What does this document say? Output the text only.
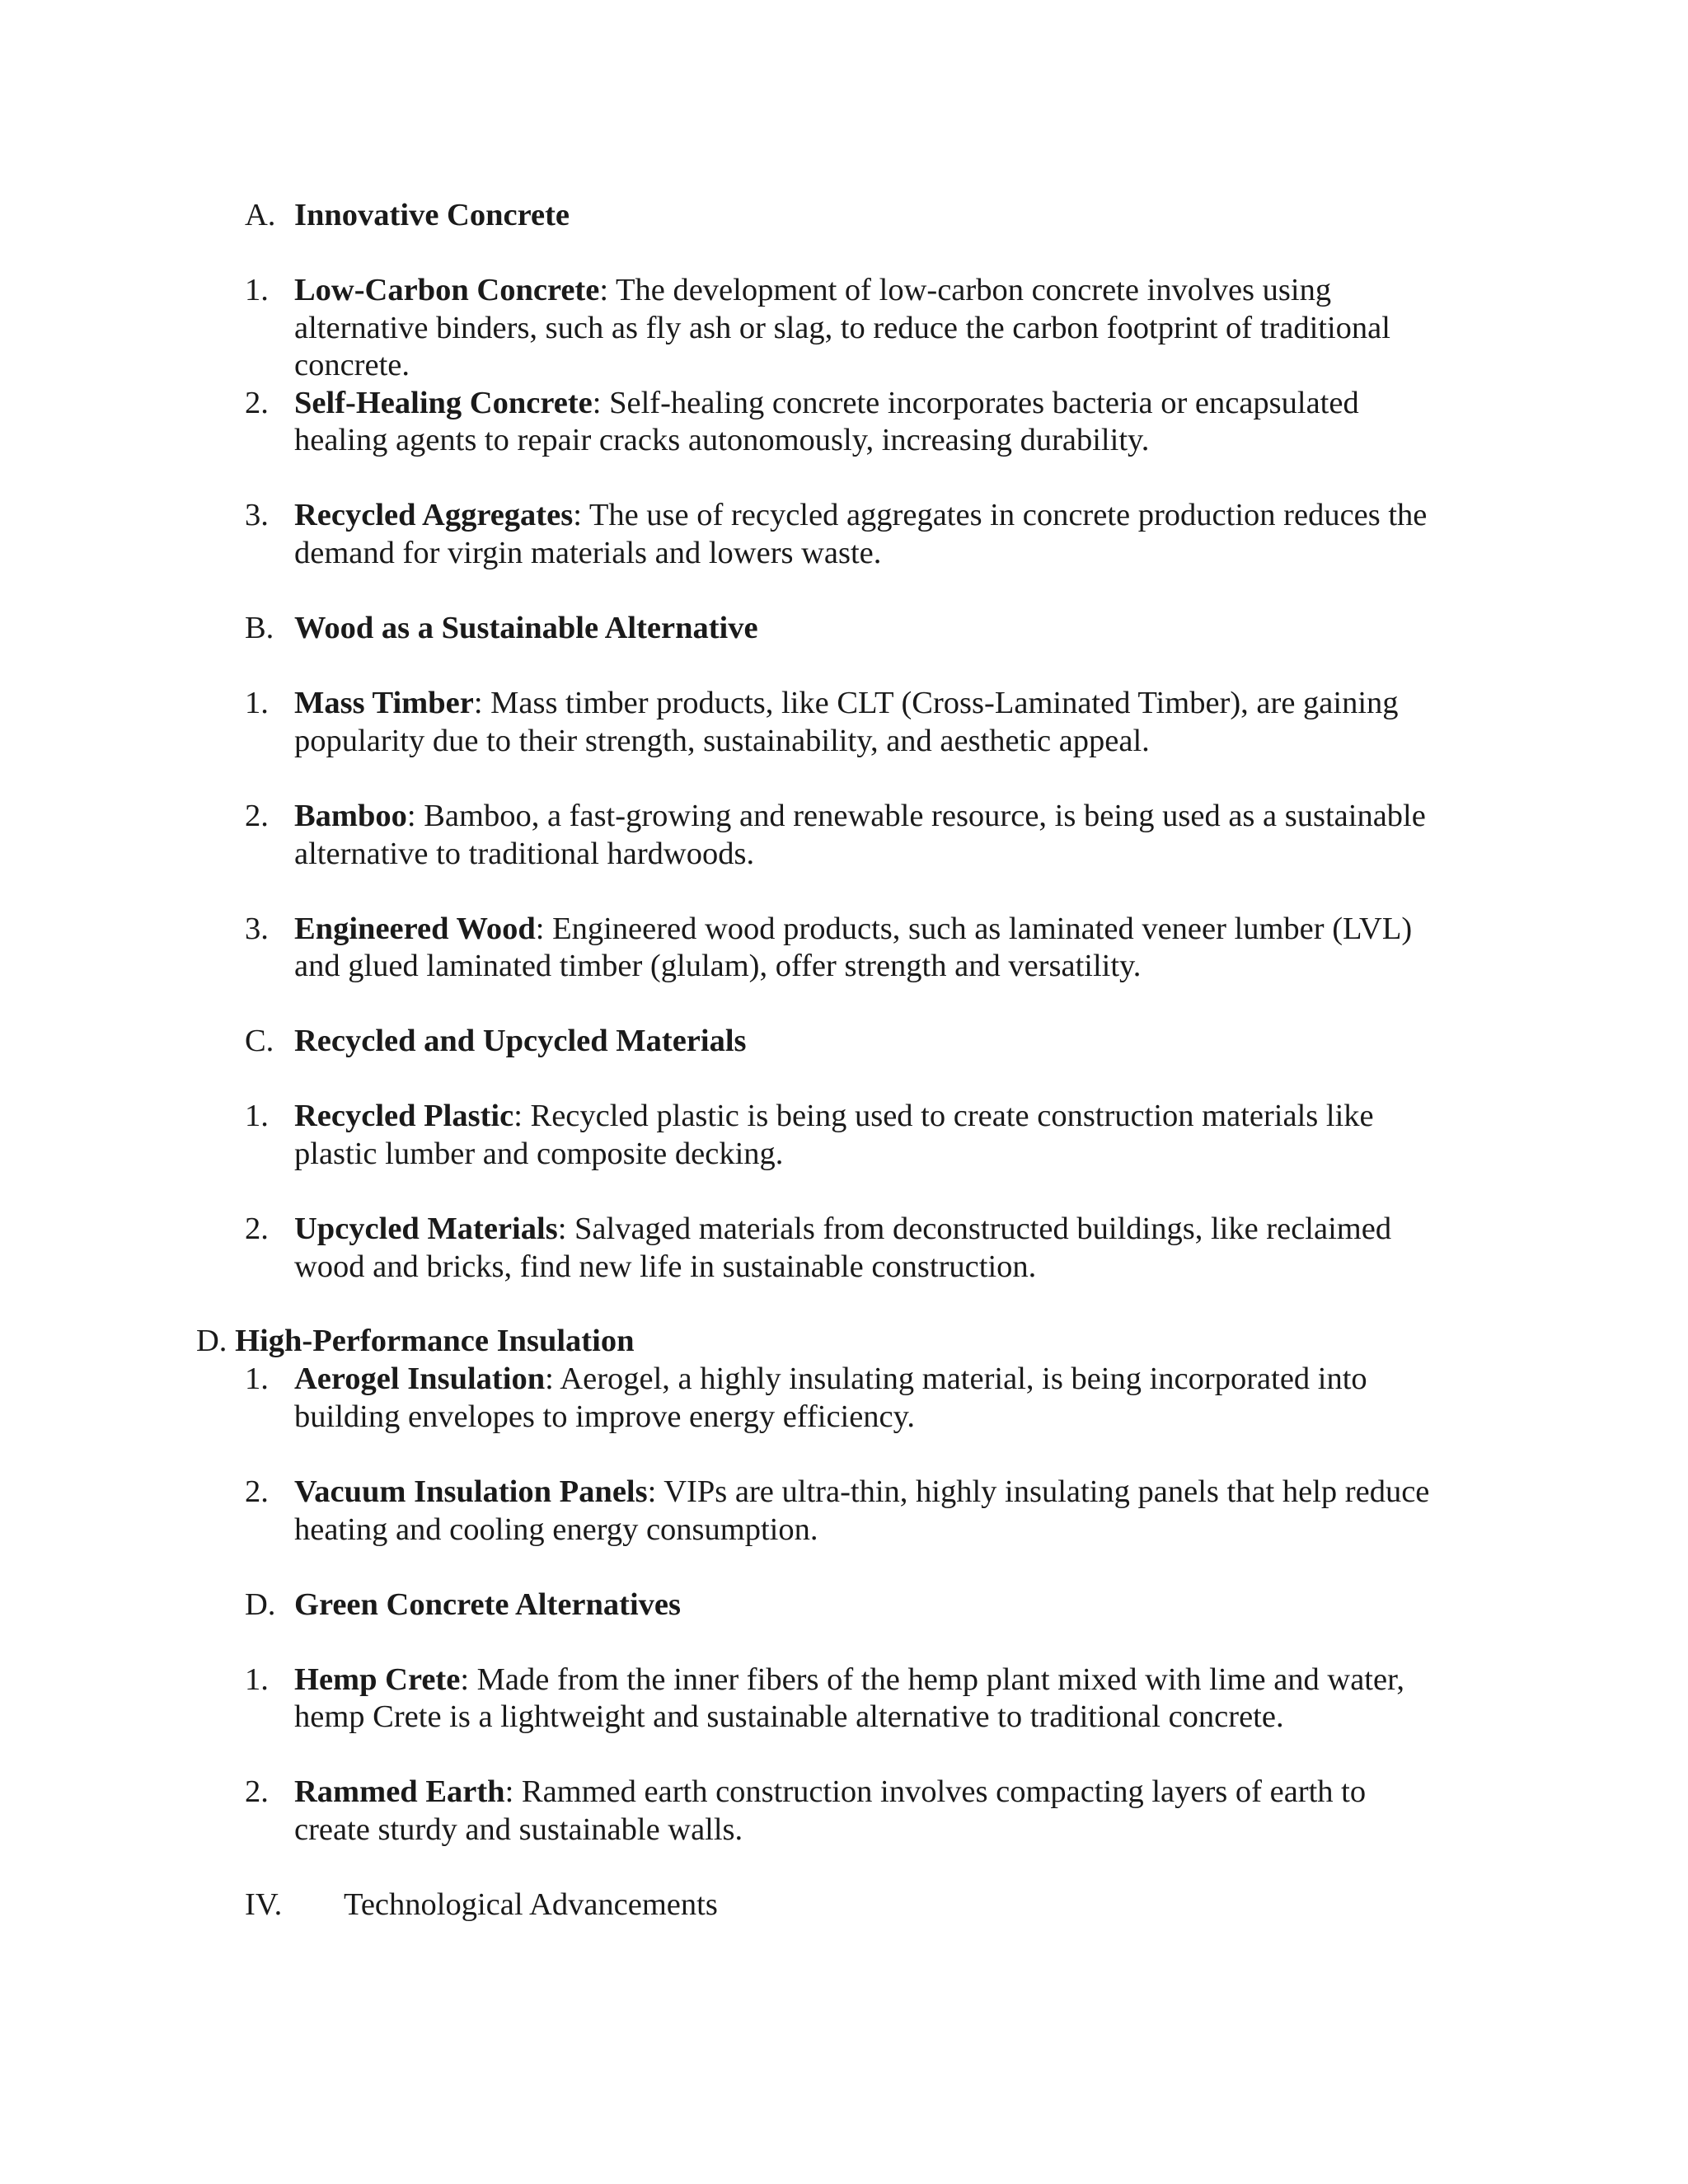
A. Innovative Concrete
1. Low-Carbon Concrete: The development of low-carbon concrete involves using
alternative binders, such as fly ash or slag, to reduce the carbon footprint of traditional
concrete.
2. Self-Healing Concrete: Self-healing concrete incorporates bacteria or encapsulated
healing agents to repair cracks autonomously, increasing durability.
3. Recycled Aggregates: The use of recycled aggregates in concrete production reduces the
demand for virgin materials and lowers waste.
B. Wood as a Sustainable Alternative
1. Mass Timber: Mass timber products, like CLT (Cross-Laminated Timber), are gaining
popularity due to their strength, sustainability, and aesthetic appeal.
2. Bamboo: Bamboo, a fast-growing and renewable resource, is being used as a sustainable
alternative to traditional hardwoods.
3. Engineered Wood: Engineered wood products, such as laminated veneer lumber (LVL)
and glued laminated timber (glulam), offer strength and versatility.
C. Recycled and Upcycled Materials
1. Recycled Plastic: Recycled plastic is being used to create construction materials like
plastic lumber and composite decking.
2. Upcycled Materials: Salvaged materials from deconstructed buildings, like reclaimed
wood and bricks, find new life in sustainable construction.
D. High-Performance Insulation
1. Aerogel Insulation: Aerogel, a highly insulating material, is being incorporated into
building envelopes to improve energy efficiency.
2. Vacuum Insulation Panels: VIPs are ultra-thin, highly insulating panels that help reduce
heating and cooling energy consumption.
D. Green Concrete Alternatives
1. Hemp Crete: Made from the inner fibers of the hemp plant mixed with lime and water,
hemp Crete is a lightweight and sustainable alternative to traditional concrete.
2. Rammed Earth: Rammed earth construction involves compacting layers of earth to
create sturdy and sustainable walls.
IV. Technological Advancements
